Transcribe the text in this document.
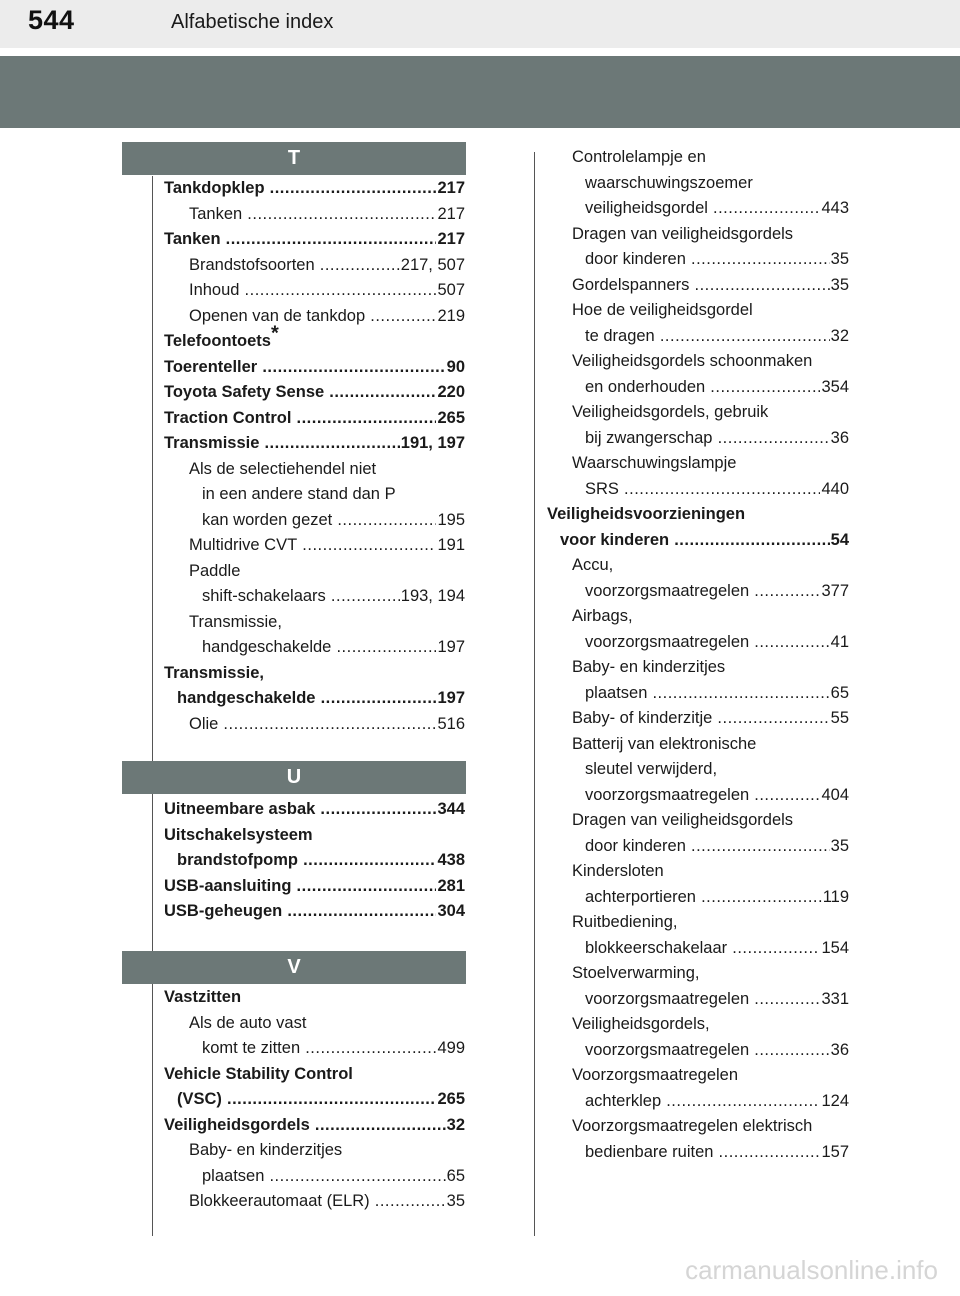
544	Alfabetische index
T
Tankdopklep .....	217
Tanken .....	217
Tanken .....	217
Brandstofsoorten .....	217, 507
Inhoud .....	507
Openen van de tankdop .....	219
Telefoontoets*
Toerenteller .....	90
Toyota Safety Sense .....	220
Traction Control .....	265
Transmissie .....	191, 197
Als de selectiehendel niet
in een andere stand dan P
kan worden gezet .....	195
Multidrive CVT .....	191
Paddle
shift-schakelaars .....	193, 194
Transmissie,
handgeschakelde .....	197
Transmissie,
handgeschakelde .....	197
Olie .....	516
U
Uitneembare asbak .....	344
Uitschakelsysteem
brandstofpomp .....	438
USB-aansluiting .....	281
USB-geheugen .....	304
V
Vastzitten
Als de auto vast
komt te zitten .....	499
Vehicle Stability Control
(VSC) .....	265
Veiligheidsgordels .....	32
Baby- en kinderzitjes
plaatsen .....	65
Blokkeerautomaat (ELR) .....	35
Controlelampje en
waarschuwingszoemer
veiligheidsgordel .....	443
Dragen van veiligheidsgordels
door kinderen .....	35
Gordelspanners .....	35
Hoe de veiligheidsgordel
te dragen .....	32
Veiligheidsgordels schoonmaken
en onderhouden .....	354
Veiligheidsgordels, gebruik
bij zwangerschap .....	36
Waarschuwingslampje
SRS .....	440
Veiligheidsvoorzieningen
voor kinderen .....	54
Accu,
voorzorgsmaatregelen .....	377
Airbags,
voorzorgsmaatregelen .....	41
Baby- en kinderzitjes
plaatsen .....	65
Baby- of kinderzitje .....	55
Batterij van elektronische
sleutel verwijderd,
voorzorgsmaatregelen .....	404
Dragen van veiligheidsgordels
door kinderen .....	35
Kindersloten
achterportieren .....	119
Ruitbediening,
blokkeerschakelaar .....	154
Stoelverwarming,
voorzorgsmaatregelen .....	331
Veiligheidsgordels,
voorzorgsmaatregelen .....	36
Voorzorgsmaatregelen
achterklep .....	124
Voorzorgsmaatregelen elektrisch
bedienbare ruiten .....	157
carmanualsonline.info
